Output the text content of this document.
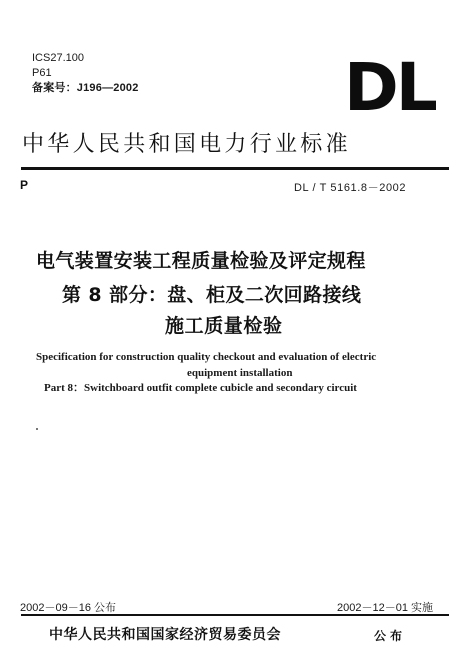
ICS27.100
P61
备案号：J196—2002	DL
中华人民共和国电力行业标准
P	DL / T 5161.8－2002
电气装置安装工程质量检验及评定规程
第 8 部分：盘、柜及二次回路接线
施工质量检验
Specification for construction quality checkout and evaluation of electric
equipment installation
Part 8：Switchboard outfit complete cubicle and secondary circuit
2002－09－16 公布	2002－12－01 实施
中华人民共和国国家经济贸易委员会	公布
